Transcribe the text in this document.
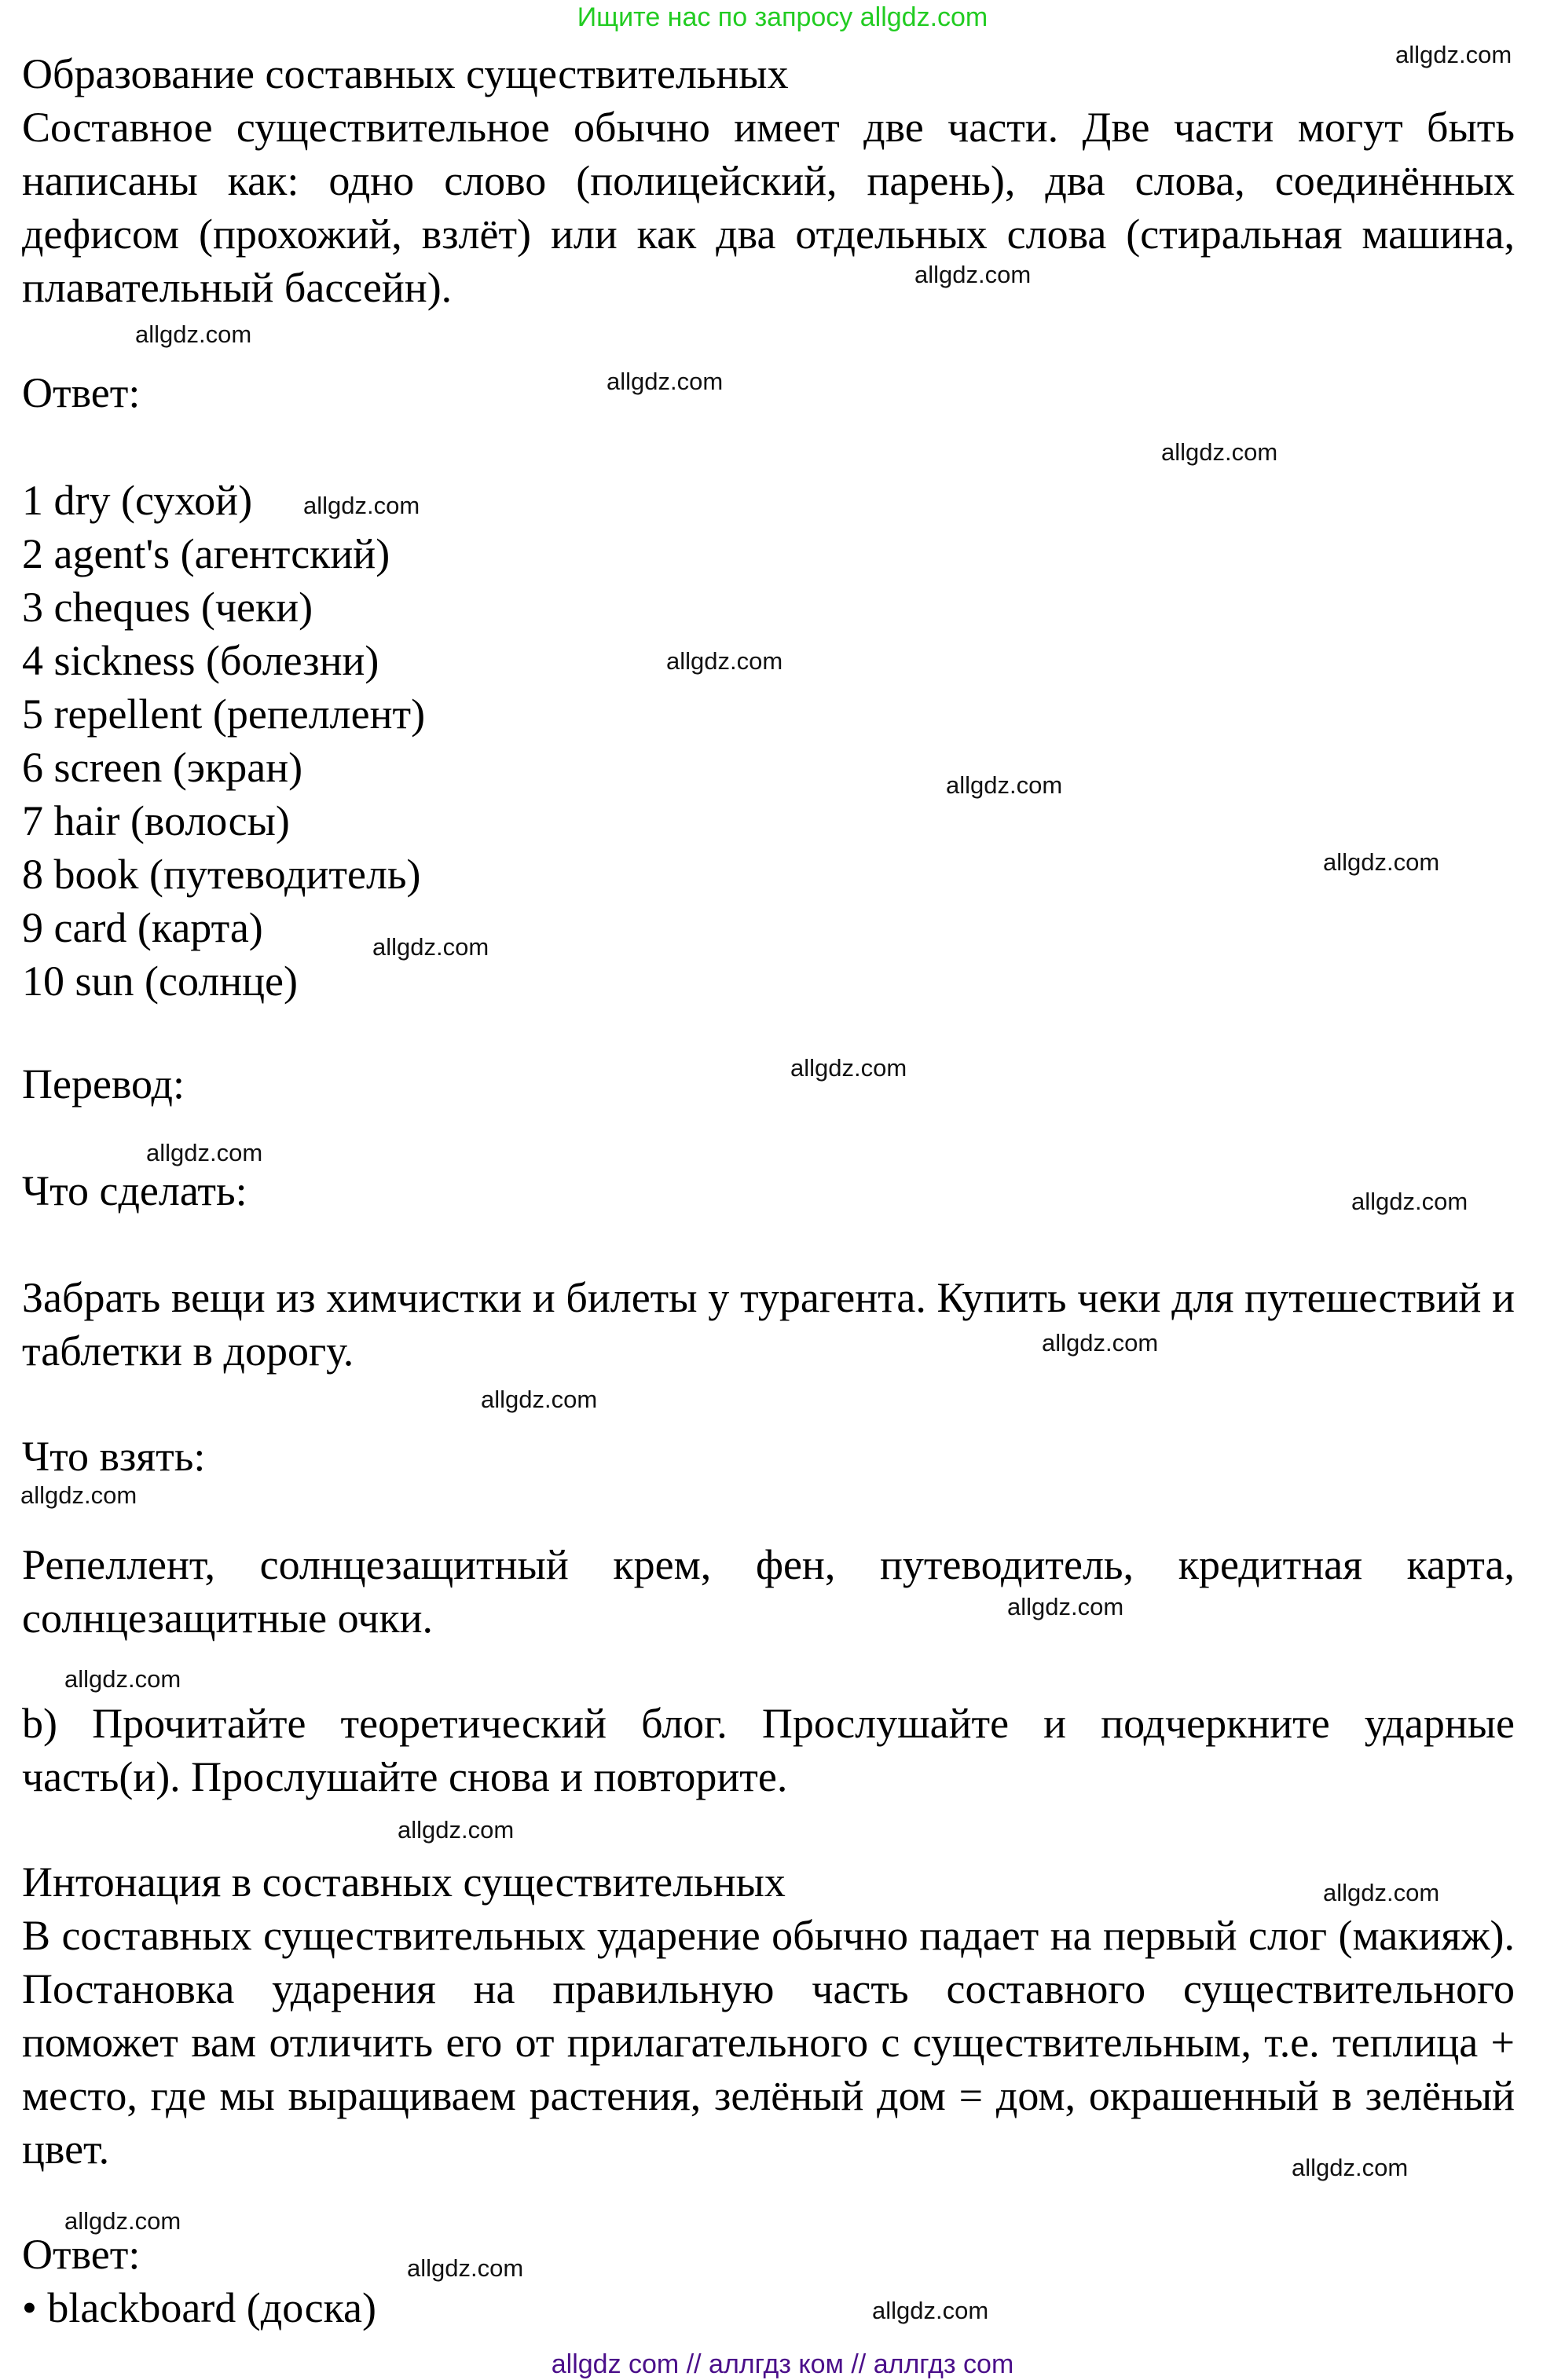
Ищите нас по запросу allgdz.com
Образование составных существительных
Составное существительное обычно имеет две части. Две части могут быть написаны как: одно слово (полицейский, парень), два слова, соединённых дефисом (прохожий, взлёт) или как два отдельных слова (стиральная машина, плавательный бассейн).
Ответ:
1 dry (сухой)
2 agent's (агентский)
3 cheques (чеки)
4 sickness (болезни)
5 repellent (репеллент)
6 screen (экран)
7 hair (волосы)
8 book (путеводитель)
9 card (карта)
10 sun (солнце)
Перевод:
Что сделать:
Забрать вещи из химчистки и билеты у турагента. Купить чеки для путешествий и таблетки в дорогу.
Что взять:
Репеллент, солнцезащитный крем, фен, путеводитель, кредитная карта, солнцезащитные очки.
b) Прочитайте теоретический блог. Прослушайте и подчеркните ударные часть(и). Прослушайте снова и повторите.
Интонация в составных существительных
В составных существительных ударение обычно падает на первый слог (макияж). Постановка ударения на правильную часть составного существительного поможет вам отличить его от прилагательного с существительным, т.е. теплица + место, где мы выращиваем растения, зелёный дом = дом, окрашенный в зелёный цвет.
Ответ:
• blackboard (доска)
allgdz.com
allgdz.com
allgdz.com
allgdz.com
allgdz.com
allgdz.com
allgdz.com
allgdz.com
allgdz.com
allgdz.com
allgdz.com
allgdz.com
allgdz.com
allgdz.com
allgdz.com
allgdz.com
allgdz.com
allgdz.com
allgdz.com
allgdz.com
allgdz.com
allgdz.com
allgdz.com
allgdz.com
allgdz com // аллгдз ком // аллгдз com
